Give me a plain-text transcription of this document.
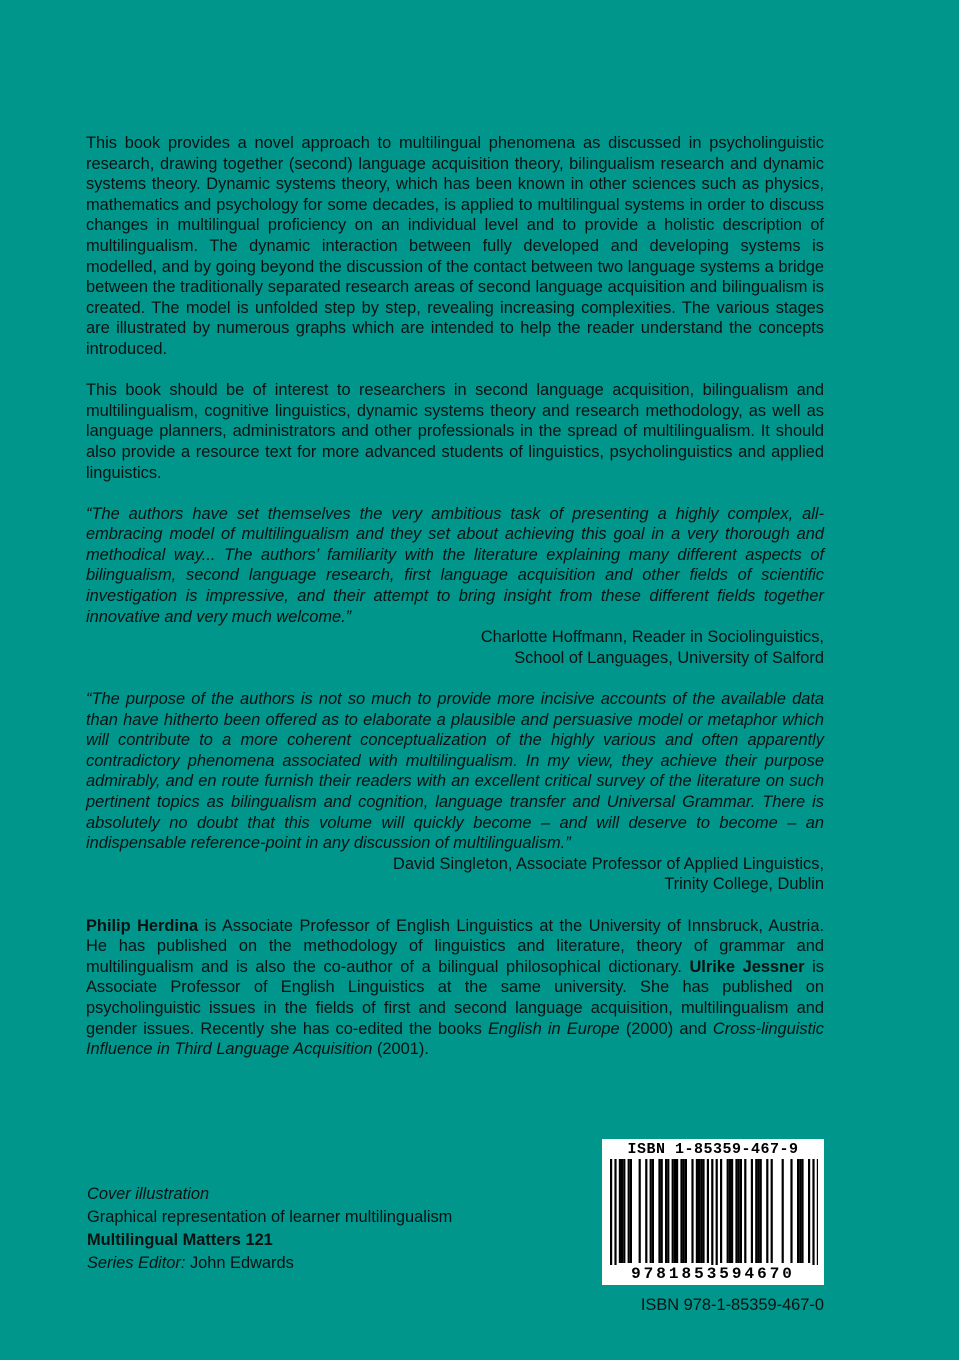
This book provides a novel approach to multilingual phenomena as discussed in psycholinguistic research, drawing together (second) language acquisition theory, bilingualism research and dynamic systems theory. Dynamic systems theory, which has been known in other sciences such as physics, mathematics and psychology for some decades, is applied to multilingual systems in order to discuss changes in multilingual proficiency on an individual level and to provide a holistic description of multilingualism. The dynamic interaction between fully developed and developing systems is modelled, and by going beyond the discussion of the contact between two language systems a bridge between the traditionally separated research areas of second language acquisition and bilingualism is created. The model is unfolded step by step, revealing increasing complexities. The various stages are illustrated by numerous graphs which are intended to help the reader understand the concepts introduced.

This book should be of interest to researchers in second language acquisition, bilingualism and multilingualism, cognitive linguistics, dynamic systems theory and research methodology, as well as language planners, administrators and other professionals in the spread of multilingualism. It should also provide a resource text for more advanced students of linguistics, psycholinguistics and applied linguistics.

“The authors have set themselves the very ambitious task of presenting a highly complex, all-embracing model of multilingualism and they set about achieving this goal in a very thorough and methodical way... The authors’ familiarity with the literature explaining many different aspects of bilingualism, second language research, first language acquisition and other fields of scientific investigation is impressive, and their attempt to bring insight from these different fields together innovative and very much welcome.”

Charlotte Hoffmann, Reader in Sociolinguistics,

School of Languages, University of Salford

“The purpose of the authors is not so much to provide more incisive accounts of the available data than have hitherto been offered as to elaborate a plausible and persuasive model or metaphor which will contribute to a more coherent conceptualization of the highly various and often apparently contradictory phenomena associated with multilingualism. In my view, they achieve their purpose admirably, and en route furnish their readers with an excellent critical survey of the literature on such pertinent topics as bilingualism and cognition, language transfer and Universal Grammar. There is absolutely no doubt that this volume will quickly become – and will deserve to become – an indispensable reference-point in any discussion of multilingualism.”

David Singleton, Associate Professor of Applied Linguistics,

Trinity College, Dublin

Philip Herdina is Associate Professor of English Linguistics at the University of Innsbruck, Austria. He has published on the methodology of linguistics and literature, theory of grammar and multilingualism and is also the co-author of a bilingual philosophical dictionary. Ulrike Jessner is Associate Professor of English Linguistics at the same university. She has published on psycholinguistic issues in the fields of first and second language acquisition, multilingualism and gender issues. Recently she has co-edited the books English in Europe (2000) and Cross-linguistic Influence in Third Language Acquisition (2001).

ISBN 1-85359-467-9
9781853594670
Cover illustration
Graphical representation of learner multilingualism
Multilingual Matters 121
Series Editor: John Edwards
ISBN 978-1-85359-467-0
